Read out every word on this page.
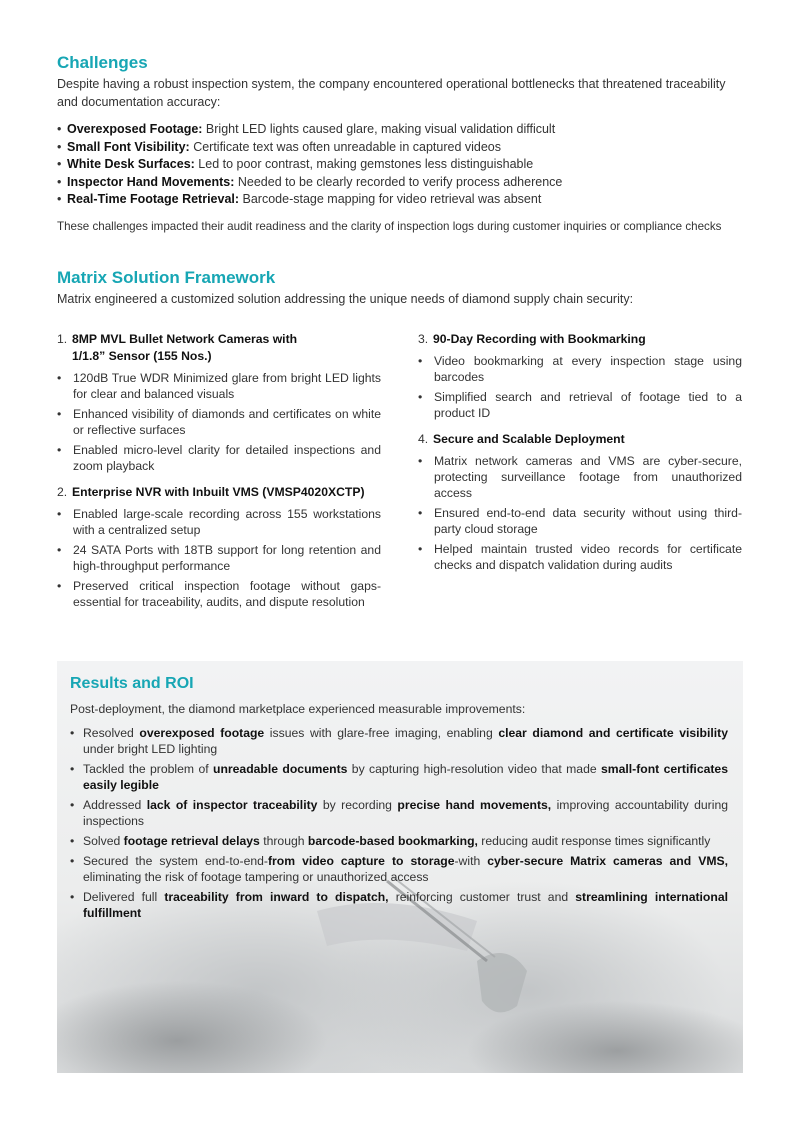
Challenges

Despite having a robust inspection system, the company encountered operational bottlenecks that threatened traceability and documentation accuracy:

• Overexposed Footage: Bright LED lights caused glare, making visual validation difficult
• Small Font Visibility: Certificate text was often unreadable in captured videos
• White Desk Surfaces: Led to poor contrast, making gemstones less distinguishable
• Inspector Hand Movements: Needed to be clearly recorded to verify process adherence
• Real-Time Footage Retrieval: Barcode-stage mapping for video retrieval was absent

These challenges impacted their audit readiness and the clarity of inspection logs during customer inquiries or compliance checks

Matrix Solution Framework

Matrix engineered a customized solution addressing the unique needs of diamond supply chain security:

1. 8MP MVL Bullet Network Cameras with 1/1.8” Sensor (155 Nos.)
• 120dB True WDR Minimized glare from bright LED lights for clear and balanced visuals
• Enhanced visibility of diamonds and certificates on white or reflective surfaces
• Enabled micro-level clarity for detailed inspections and zoom playback
2. Enterprise NVR with Inbuilt VMS (VMSP4020XCTP)
• Enabled large-scale recording across 155 workstations with a centralized setup
• 24 SATA Ports with 18TB support for long retention and high-throughput performance
• Preserved critical inspection footage without gaps-essential for traceability, audits, and dispute resolution
3. 90-Day Recording with Bookmarking
• Video bookmarking at every inspection stage using barcodes
• Simplified search and retrieval of footage tied to a product ID
4. Secure and Scalable Deployment
• Matrix network cameras and VMS are cyber-secure, protecting surveillance footage from unauthorized access
• Ensured end-to-end data security without using third-party cloud storage
• Helped maintain trusted video records for certificate checks and dispatch validation during audits
Results and ROI

Post-deployment, the diamond marketplace experienced measurable improvements:

• Resolved overexposed footage issues with glare-free imaging, enabling clear diamond and certificate visibility under bright LED lighting
• Tackled the problem of unreadable documents by capturing high-resolution video that made small-font certificates easily legible
• Addressed lack of inspector traceability by recording precise hand movements, improving accountability during inspections
• Solved footage retrieval delays through barcode-based bookmarking, reducing audit response times significantly
• Secured the system end-to-end-from video capture to storage-with cyber-secure Matrix cameras and VMS, eliminating the risk of footage tampering or unauthorized access
• Delivered full traceability from inward to dispatch, reinforcing customer trust and streamlining international fulfillment
